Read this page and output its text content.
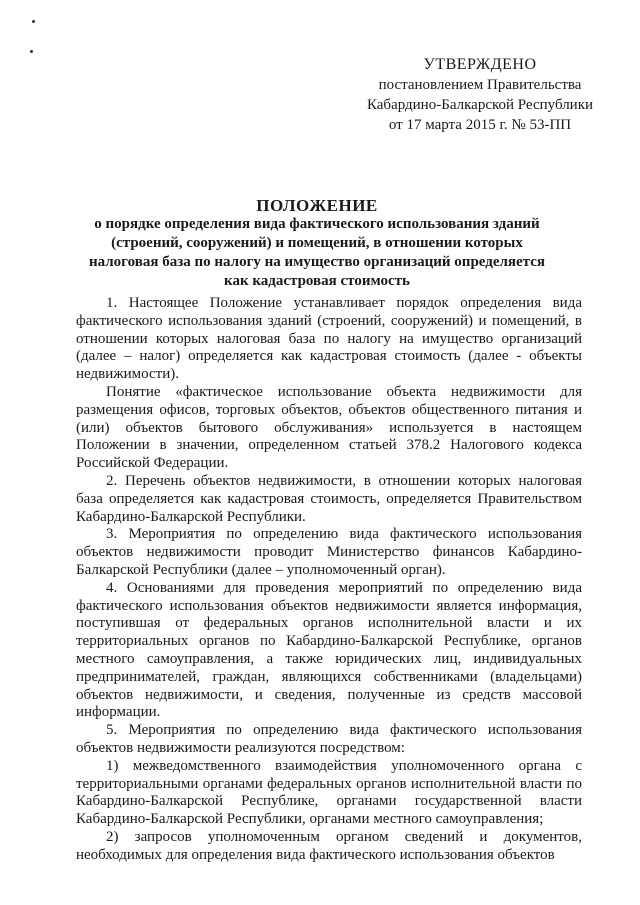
УТВЕРЖДЕНО
постановлением Правительства
Кабардино-Балкарской Республики
от 17 марта 2015 г. № 53-ПП
ПОЛОЖЕНИЕ
о порядке определения вида фактического использования зданий (строений, сооружений) и помещений, в отношении которых налоговая база по налогу на имущество организаций определяется как кадастровая стоимость

1. Настоящее Положение устанавливает порядок определения вида фактического использования зданий (строений, сооружений) и помещений, в отношении которых налоговая база по налогу на имущество организаций (далее – налог) определяется как кадастровая стоимость (далее - объекты недвижимости).

Понятие «фактическое использование объекта недвижимости для размещения офисов, торговых объектов, объектов общественного питания и (или) объектов бытового обслуживания» используется в настоящем Положении в значении, определенном статьей 378.2 Налогового кодекса Российской Федерации.

2. Перечень объектов недвижимости, в отношении которых налоговая база определяется как кадастровая стоимость, определяется Правительством Кабардино-Балкарской Республики.

3. Мероприятия по определению вида фактического использования объектов недвижимости проводит Министерство финансов Кабардино-Балкарской Республики (далее – уполномоченный орган).

4. Основаниями для проведения мероприятий по определению вида фактического использования объектов недвижимости является информация, поступившая от федеральных органов исполнительной власти и их территориальных органов по Кабардино-Балкарской Республике, органов местного самоуправления, а также юридических лиц, индивидуальных предпринимателей, граждан, являющихся собственниками (владельцами) объектов недвижимости, и сведения, полученные из средств массовой информации.

5. Мероприятия по определению вида фактического использования объектов недвижимости реализуются посредством:

1) межведомственного взаимодействия уполномоченного органа с территориальными органами федеральных органов исполнительной власти по Кабардино-Балкарской Республике, органами государственной власти Кабардино-Балкарской Республики, органами местного самоуправления;

2) запросов уполномоченным органом сведений и документов, необходимых для определения вида фактического использования объектов
